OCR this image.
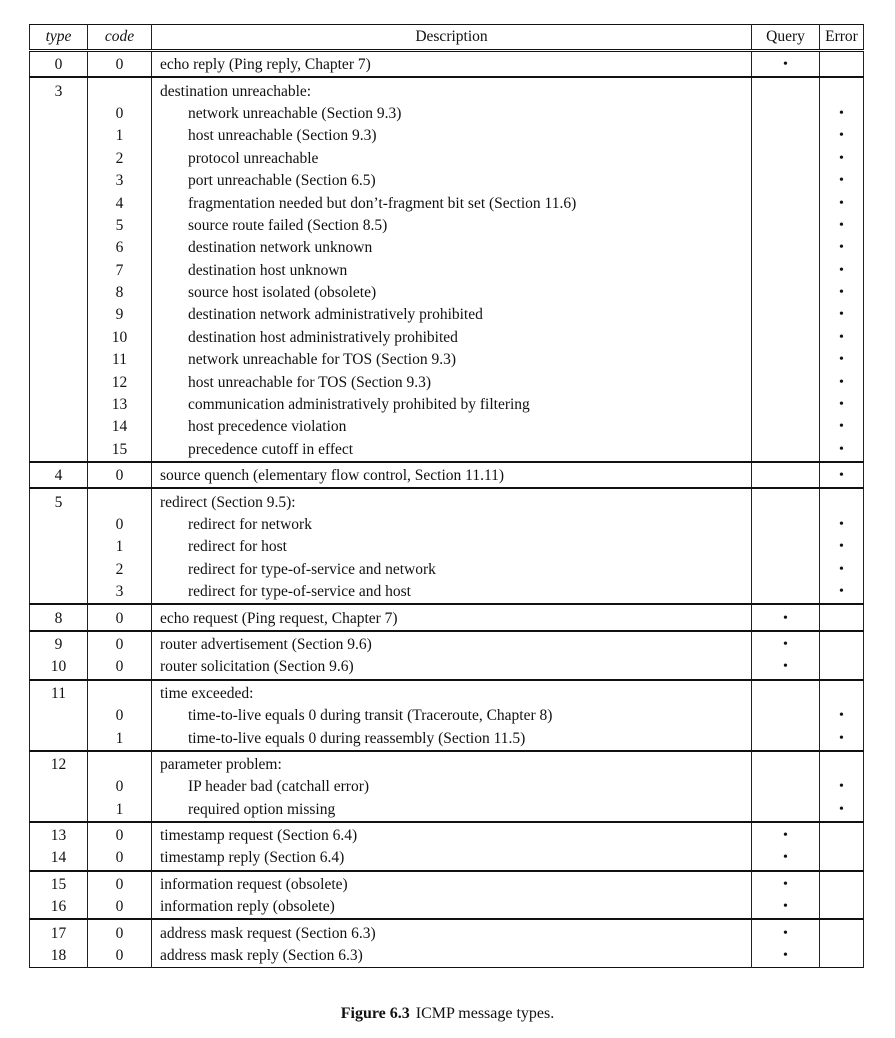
type	code	Description	Query	Error
0	0	echo reply (Ping reply, Chapter 7)	•	
3		destination unreachable:		
	0	network unreachable (Section 9.3)		•
	1	host unreachable (Section 9.3)		•
	2	protocol unreachable		•
	3	port unreachable (Section 6.5)		•
	4	fragmentation needed but don’t-fragment bit set (Section 11.6)		•
	5	source route failed (Section 8.5)		•
	6	destination network unknown		•
	7	destination host unknown		•
	8	source host isolated (obsolete)		•
	9	destination network administratively prohibited		•
	10	destination host administratively prohibited		•
	11	network unreachable for TOS (Section 9.3)		•
	12	host unreachable for TOS (Section 9.3)		•
	13	communication administratively prohibited by filtering		•
	14	host precedence violation		•
	15	precedence cutoff in effect		•
4	0	source quench (elementary flow control, Section 11.11)		•
5		redirect (Section 9.5):		
	0	redirect for network		•
	1	redirect for host		•
	2	redirect for type-of-service and network		•
	3	redirect for type-of-service and host		•
8	0	echo request (Ping request, Chapter 7)	•	
9	0	router advertisement (Section 9.6)	•	
10	0	router solicitation (Section 9.6)	•	
11		time exceeded:		
	0	time-to-live equals 0 during transit (Traceroute, Chapter 8)		•
	1	time-to-live equals 0 during reassembly (Section 11.5)		•
12		parameter problem:		
	0	IP header bad (catchall error)		•
	1	required option missing		•
13	0	timestamp request (Section 6.4)	•	
14	0	timestamp reply (Section 6.4)	•	
15	0	information request (obsolete)	•	
16	0	information reply (obsolete)	•	
17	0	address mask request (Section 6.3)	•	
18	0	address mask reply (Section 6.3)	•	
Figure 6.3 ICMP message types.
